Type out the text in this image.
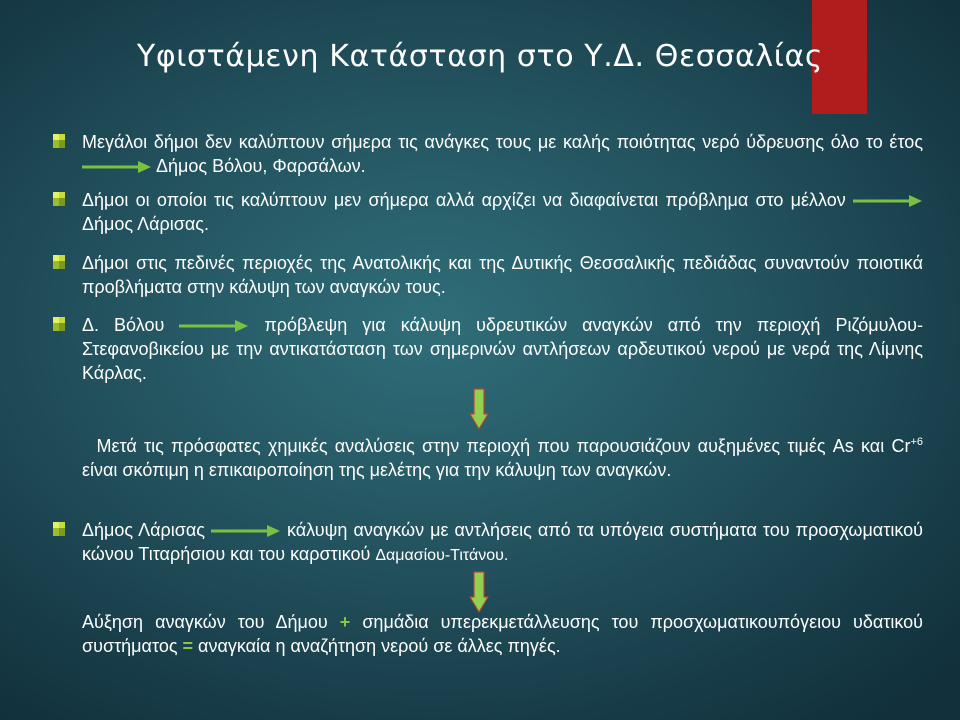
Υφιστάμενη Κατάσταση στο Υ.Δ. Θεσσαλίας

Μεγάλοι δήμοι δεν καλύπτουν σήμερα τις ανάγκες τους με καλής ποιότητας νερό ύδρευσης όλο το έτος  Δήμος Βόλου, Φαρσάλων.

Δήμοι οι οποίοι τις καλύπτουν μεν σήμερα αλλά αρχίζει να διαφαίνεται πρόβλημα στο μέλλον  Δήμος Λάρισας.

Δήμοι στις πεδινές περιοχές της Ανατολικής και της Δυτικής Θεσσαλικής πεδιάδας συναντούν ποιοτικά προβλήματα στην κάλυψη των αναγκών τους.

Δ. Βόλου	πρόβλεψη για κάλυψη υδρευτικών αναγκών από την περιοχή Ριζόμυλου-Στεφανοβικείου με την αντικατάσταση των σημερινών αντλήσεων αρδευτικού νερού με νερά της Λίμνης Κάρλας.

Μετά τις πρόσφατες χημικές αναλύσεις στην περιοχή που παρουσιάζουν αυξημένες τιμές As και $Cr^{+6}$ είναι σκόπιμη η επικαιροποίηση της μελέτης για την κάλυψη των αναγκών.

Δήμος Λάρισας	κάλυψη αναγκών με αντλήσεις από τα υπόγεια συστήματα του προσχωματικού κώνου Τιταρήσιου και του καρστικού Δαμασίου-Τιτάνου.

Αύξηση αναγκών του Δήμου + σημάδια υπερεκμετάλλευσης του προσχωματικουπόγειου υδατικού συστήματος = αναγκαία η αναζήτηση νερού σε άλλες πηγές.
